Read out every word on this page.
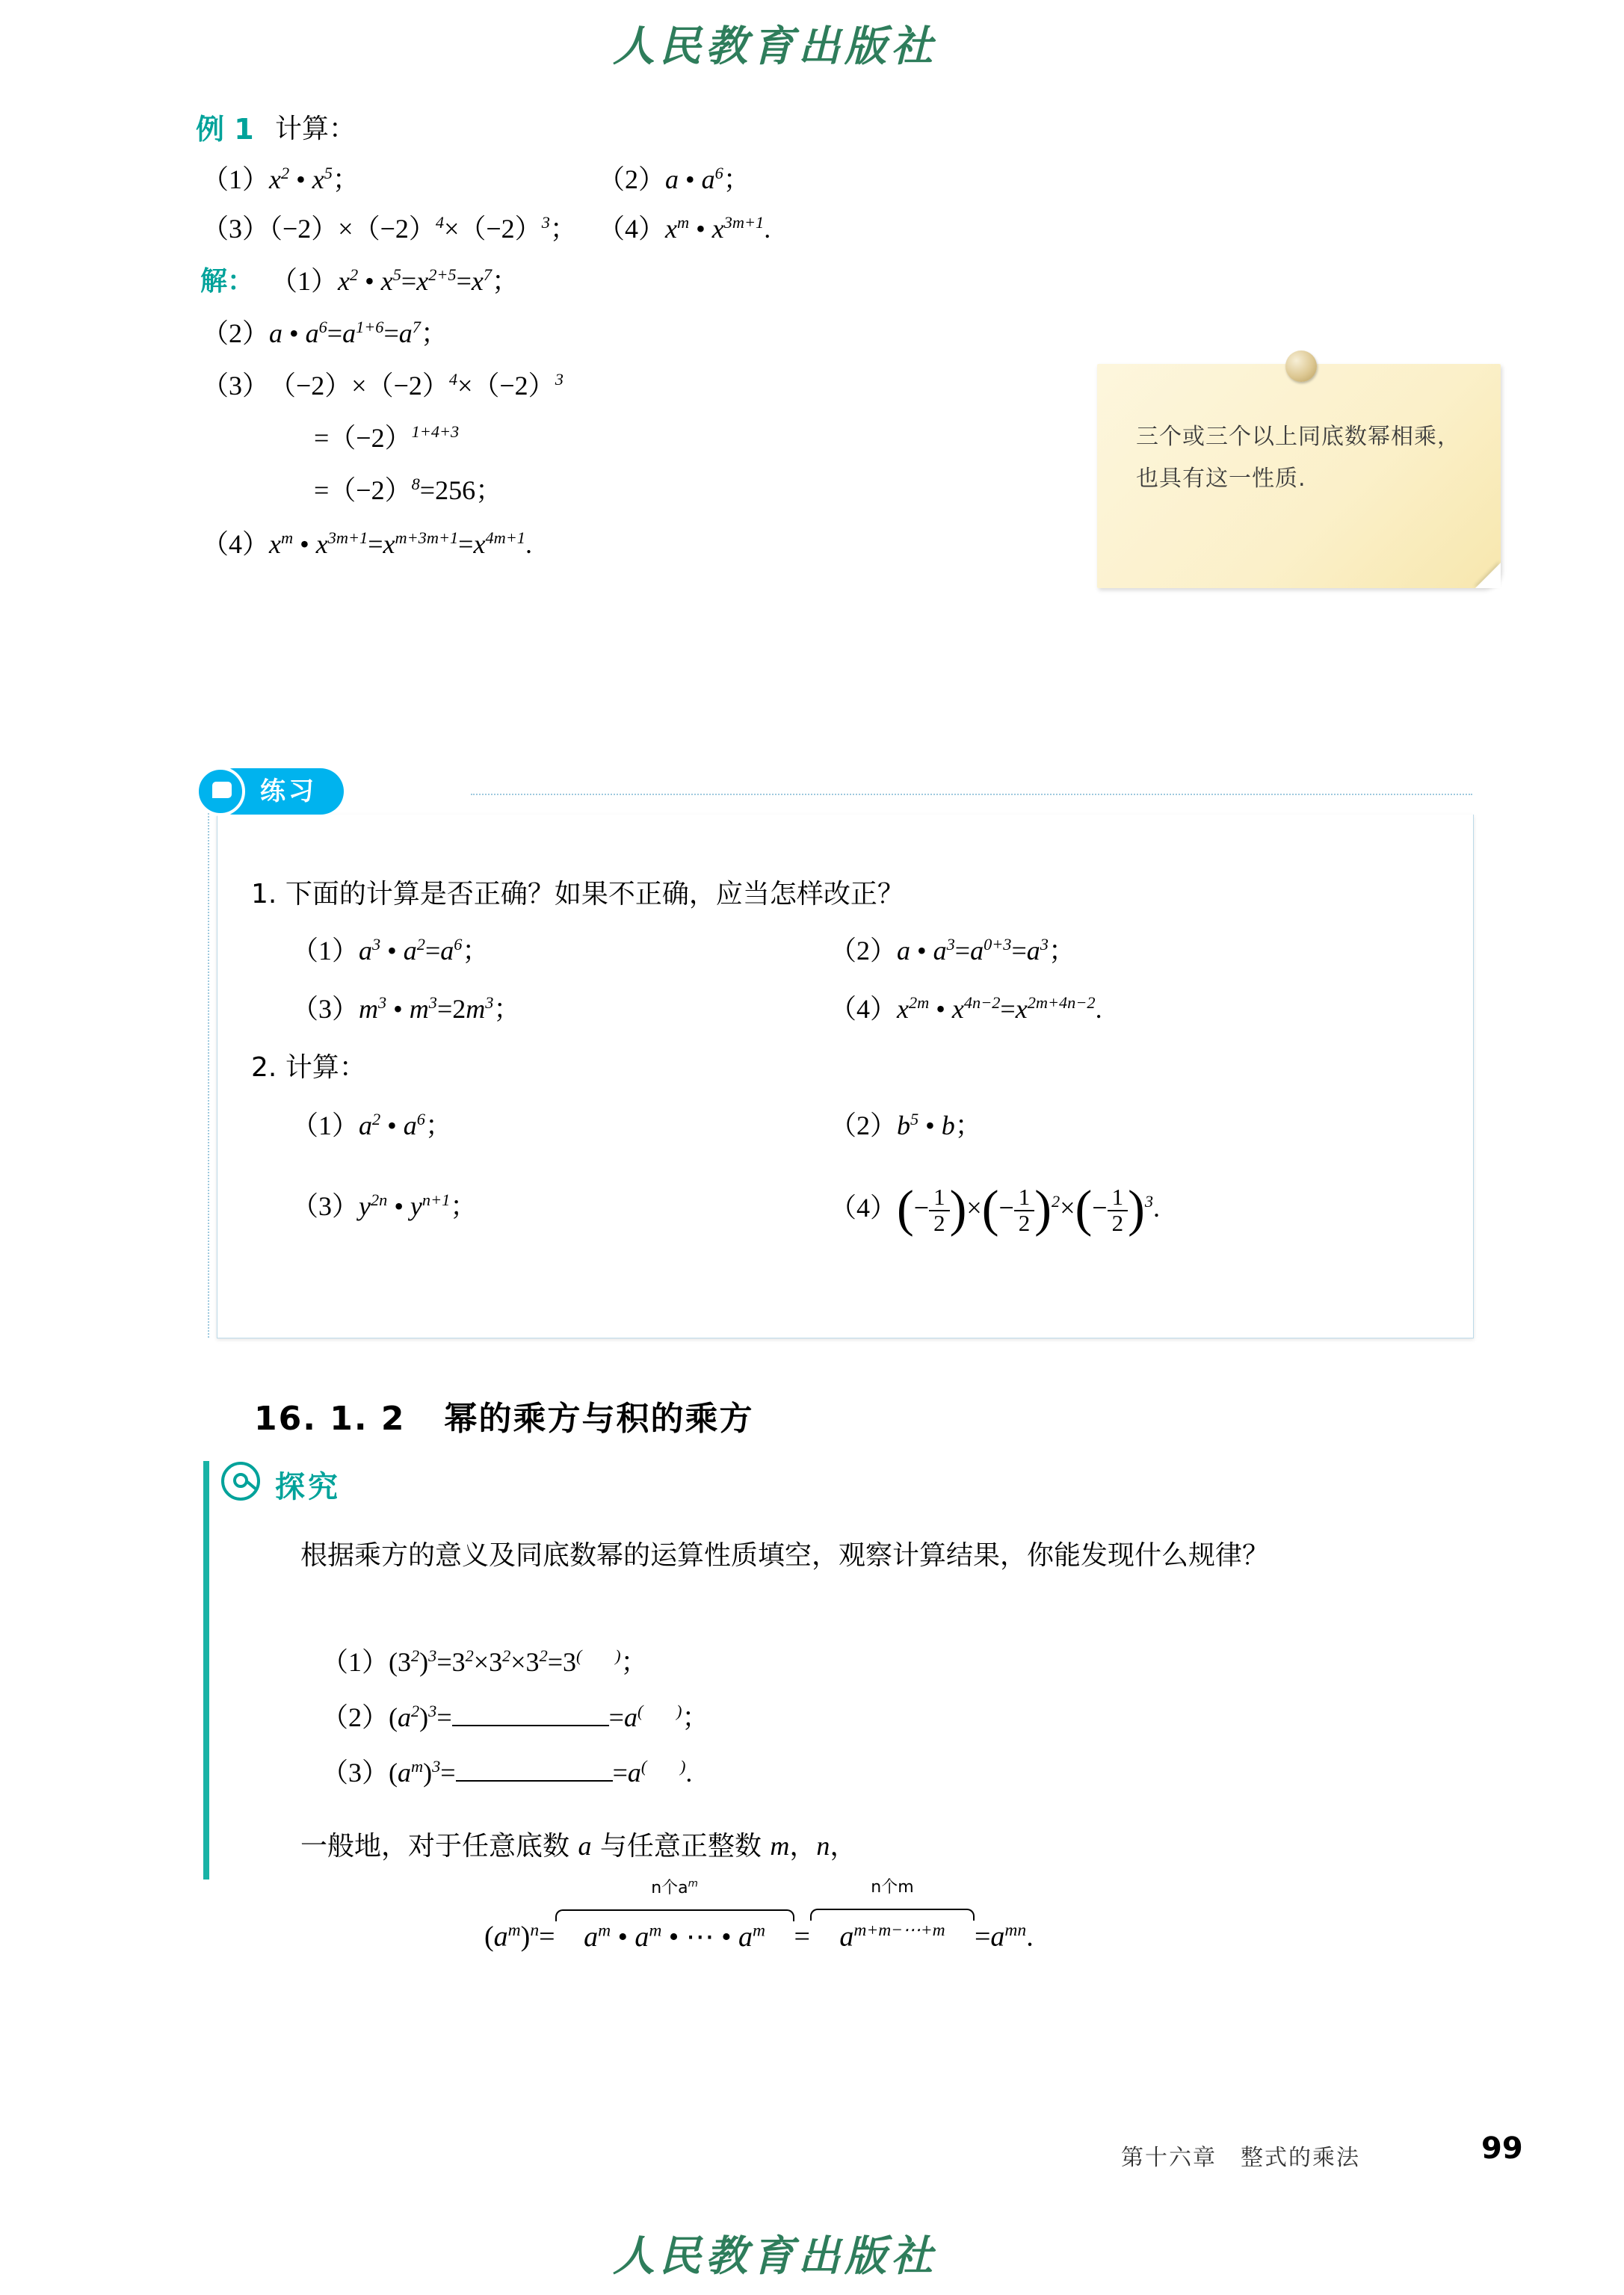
人民教育出版社
例 1 计算：
$(1)x^2$ • $x^5$；	（2）a • $a^6$；
$(3)(-2)\times(-2)^4\times(-2)^3$； $(4)x^m$ • $x^{3m+1}$.
解： $(1)x^2$ • $x^5=x^{2+5}=x^7$；
（2）a • $a^6=a^{1+6}=a^7$；
（3）　$(-2)\times(-2)^4\times(-2)^3$
$=(-2)^{1+4+3}$
$=(-2)^8=256$；
$(4)x^m$ • $x^{3m+1}=x^{m+3m+1}=x^{4m+1}$.
三个或三个以上同底数幂相乘，也具有这一性质.
练习
1. 下面的计算是否正确？如果不正确，应当怎样改正？
$(1)a^3$ • $a^2=a^6$；	（2）a • $a^3=a^{0+3}=a^3$；
$(3)m^3$ • $m^3=2m^3$；	$(4)x^{2m}$ • $x^{4n-2}=x^{2m+4n-2}$.
2. 计算：
$(1)a^2$ • $a^6$；	$(2)b^5$ • b；
$(3)y^{2n}$ • $y^{n+1}$；	$(4)(- \frac{1}{2}$ )×(− $\frac{1}{2} )^2\times(- \frac{1}{2} )^3$.
16. 1. 2 幂的乘方与积的乘方
探究
根据乘方的意义及同底数幂的运算性质填空，观察计算结果，你能发现什么规律？
$(1)(3^2)^3=3^2\times 3^2\times 3^2=3^{( )}$；
$(2)(a^2)^3=$	=a(　　)；
$(3)(a^m)^3=$	=a(　　).
一般地，对于任意底数 a 与任意正整数 m，n，
$(a^m)^n=$
n个$a^m$
$a^m$ • $a^m$ • ⋯ • $a^m$ =
n个m
$a^{m+m-\cdots+m} =a^{mn}$.
第十六章　整式的乘法	99
人民教育出版社
